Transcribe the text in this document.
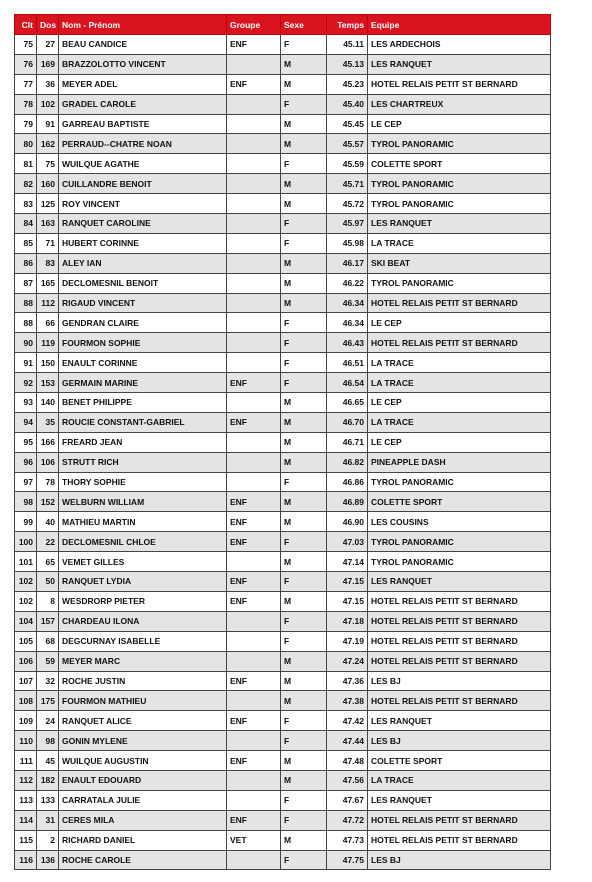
Clt	Dos	Nom - Prénom	Groupe	Sexe	Temps	Equipe
75	27	BEAU CANDICE	ENF	F	45.11	LES ARDECHOIS
76	169	BRAZZOLOTTO VINCENT		M	45.13	LES RANQUET
77	36	MEYER ADEL	ENF	M	45.23	HOTEL RELAIS PETIT ST BERNARD
78	102	GRADEL CAROLE		F	45.40	LES CHARTREUX
79	91	GARREAU BAPTISTE		M	45.45	LE CEP
80	162	PERRAUD--CHATRE NOAN		M	45.57	TYROL PANORAMIC
81	75	WUILQUE AGATHE		F	45.59	COLETTE SPORT
82	160	CUILLANDRE BENOIT		M	45.71	TYROL PANORAMIC
83	125	ROY VINCENT		M	45.72	TYROL PANORAMIC
84	163	RANQUET CAROLINE		F	45.97	LES RANQUET
85	71	HUBERT CORINNE		F	45.98	LA TRACE
86	83	ALEY IAN		M	46.17	SKI BEAT
87	165	DECLOMESNIL BENOIT		M	46.22	TYROL PANORAMIC
88	112	RIGAUD VINCENT		M	46.34	HOTEL RELAIS PETIT ST BERNARD
88	66	GENDRAN CLAIRE		F	46.34	LE CEP
90	119	FOURMON SOPHIE		F	46.43	HOTEL RELAIS PETIT ST BERNARD
91	150	ENAULT CORINNE		F	46.51	LA TRACE
92	153	GERMAIN MARINE	ENF	F	46.54	LA TRACE
93	140	BENET PHILIPPE		M	46.65	LE CEP
94	35	ROUCIE CONSTANT-GABRIEL	ENF	M	46.70	LA TRACE
95	166	FREARD JEAN		M	46.71	LE CEP
96	106	STRUTT RICH		M	46.82	PINEAPPLE DASH
97	78	THORY SOPHIE		F	46.86	TYROL PANORAMIC
98	152	WELBURN WILLIAM	ENF	M	46.89	COLETTE SPORT
99	40	MATHIEU MARTIN	ENF	M	46.90	LES COUSINS
100	22	DECLOMESNIL CHLOE	ENF	F	47.03	TYROL PANORAMIC
101	65	VEMET GILLES		M	47.14	TYROL PANORAMIC
102	50	RANQUET LYDIA	ENF	F	47.15	LES RANQUET
102	8	WESDRORP PIETER	ENF	M	47.15	HOTEL RELAIS PETIT ST BERNARD
104	157	CHARDEAU ILONA		F	47.18	HOTEL RELAIS PETIT ST BERNARD
105	68	DEGCURNAY ISABELLE		F	47.19	HOTEL RELAIS PETIT ST BERNARD
106	59	MEYER MARC		M	47.24	HOTEL RELAIS PETIT ST BERNARD
107	32	ROCHE JUSTIN	ENF	M	47.36	LES BJ
108	175	FOURMON MATHIEU		M	47.38	HOTEL RELAIS PETIT ST BERNARD
109	24	RANQUET ALICE	ENF	F	47.42	LES RANQUET
110	98	GONIN MYLENE		F	47.44	LES BJ
111	45	WUILQUE AUGUSTIN	ENF	M	47.48	COLETTE SPORT
112	182	ENAULT EDOUARD		M	47.56	LA TRACE
113	133	CARRATALA JULIE		F	47.67	LES RANQUET
114	31	CERES MILA	ENF	F	47.72	HOTEL RELAIS PETIT ST BERNARD
115	2	RICHARD DANIEL	VET	M	47.73	HOTEL RELAIS PETIT ST BERNARD
116	136	ROCHE CAROLE		F	47.75	LES BJ
